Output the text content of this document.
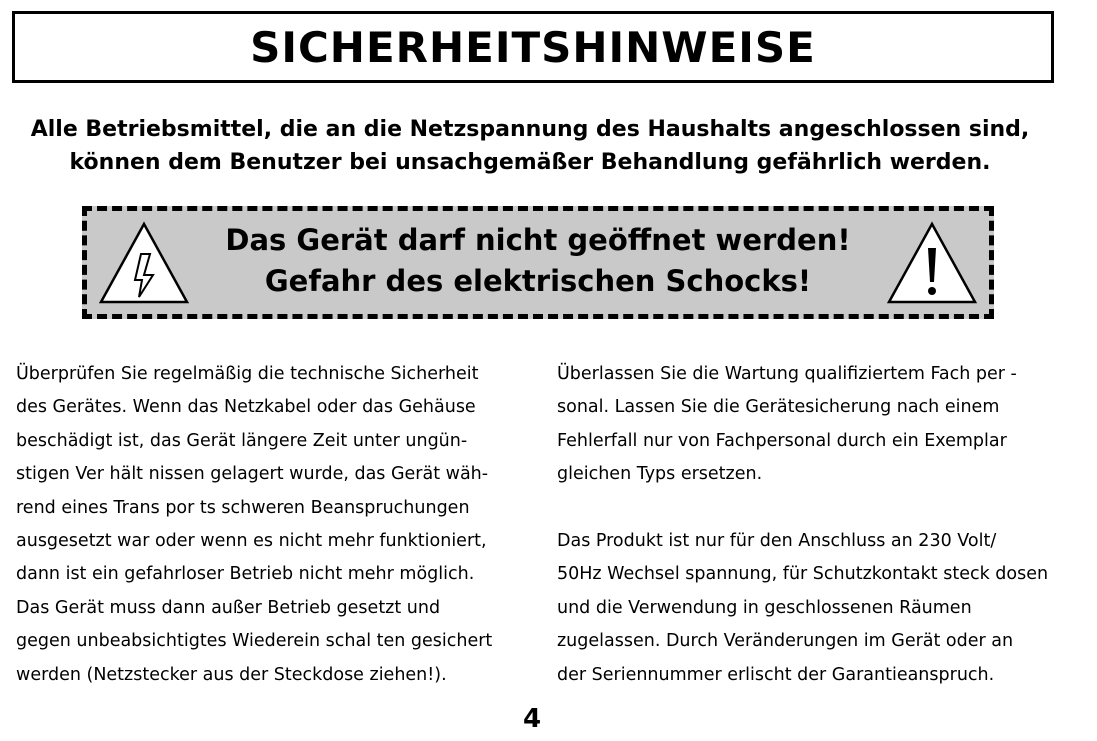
SICHERHEITSHINWEISE
Alle Betriebsmittel, die an die Netzspannung des Haushalts angeschlossen sind,
können dem Benutzer bei unsachgemäßer Behandlung gefährlich werden.
Das Gerät darf nicht geöffnet werden!
Gefahr des elektrischen Schocks!

Überprüfen Sie regelmäßig die technische Sicherheit

des Gerätes. Wenn das Netzkabel oder das Gehäuse

beschädigt ist, das Gerät längere Zeit unter ungün-

stigen Ver hält nissen gelagert wurde, das Gerät wäh-

rend eines Trans por ts schweren Beanspruchungen

ausgesetzt war oder wenn es nicht mehr funktioniert,

dann ist ein gefahrloser Betrieb nicht mehr möglich.

Das Gerät muss dann außer Betrieb gesetzt und

gegen unbeabsichtigtes Wiederein schal ten gesichert

werden (Netzstecker aus der Steckdose ziehen!).

Überlassen Sie die Wartung qualifiziertem Fach per -

sonal. Lassen Sie die Gerätesicherung nach einem

Fehlerfall nur von Fachpersonal durch ein Exemplar

gleichen Typs ersetzen.

Das Produkt ist nur für den Anschluss an 230 Volt/

50Hz Wechsel spannung, für Schutzkontakt steck dosen

und die Verwendung in geschlossenen Räumen

zugelassen. Durch Veränderungen im Gerät oder an

der Seriennummer erlischt der Garantieanspruch.

4
